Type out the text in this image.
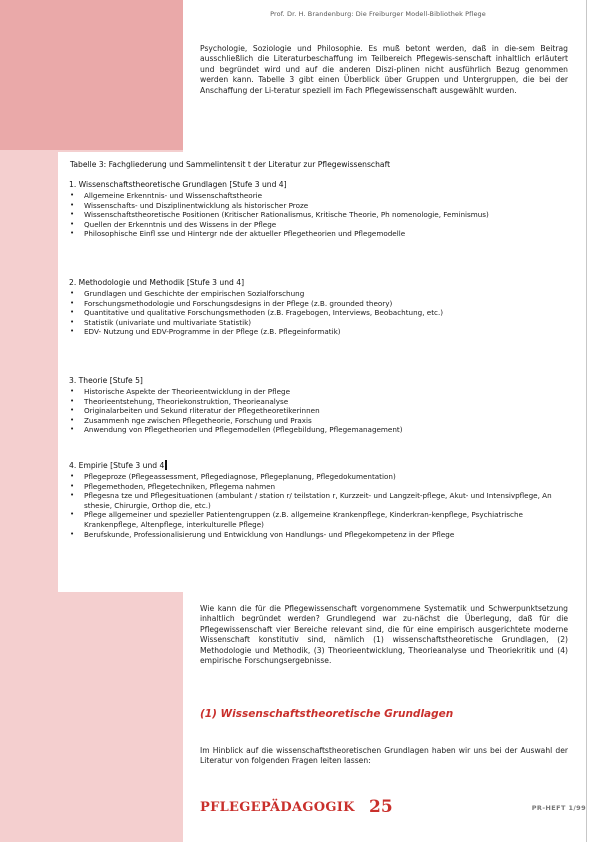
Prof. Dr. H. Brandenburg: Die Freiburger Modell-Bibliothek Pflege
Psychologie, Soziologie und Philosophie. Es muß betont werden, daß in die-sem Beitrag ausschließlich die Literaturbeschaffung im Teilbereich Pflegewis-senschaft inhaltlich erläutert und begründet wird und auf die anderen Diszi-plinen nicht ausführlich Bezug genommen werden kann. Tabelle 3 gibt einen Überblick über Gruppen und Untergruppen, die bei der Anschaffung der Li-teratur speziell im Fach Pflegewissenschaft ausgewählt wurden.
Tabelle 3: Fachgliederung und Sammelintensit t der Literatur zur Pflegewissenschaft
1. Wissenschaftstheoretische Grundlagen [Stufe 3 und 4]
• Allgemeine Erkenntnis- und Wissenschaftstheorie
• Wissenschafts- und Disziplinentwicklung als historischer Proze
• Wissenschaftstheoretische Positionen (Kritischer Rationalismus, Kritische Theorie, Ph nomenologie, Feminismus)
• Quellen der Erkenntnis und des Wissens in der Pflege
• Philosophische Einfl sse und Hintergr nde der aktueller Pflegetheorien und Pflegemodelle
2. Methodologie und Methodik [Stufe 3 und 4]
• Grundlagen und Geschichte der empirischen Sozialforschung
• Forschungsmethodologie und Forschungsdesigns in der Pflege (z.B. grounded theory)
• Quantitative und qualitative Forschungsmethoden (z.B. Fragebogen, Interviews, Beobachtung, etc.)
• Statistik (univariate und multivariate Statistik)
• EDV- Nutzung und EDV-Programme in der Pflege (z.B. Pflegeinformatik)
3. Theorie [Stufe 5]
• Historische Aspekte der Theorieentwicklung in der Pflege
• Theorieentstehung, Theoriekonstruktion, Theorieanalyse
• Originalarbeiten und Sekund rliteratur der Pflegetheoretikerinnen
• Zusammenh nge zwischen Pflegetheorie, Forschung und Praxis
• Anwendung von Pflegetheorien und Pflegemodellen (Pflegebildung, Pflegemanagement)
4. Empirie [Stufe 3 und 4
• Pflegeproze (Pflegeassessment, Pflegediagnose, Pflegeplanung, Pflegedokumentation)
• Pflegemethoden, Pflegetechniken, Pflegema nahmen
• Pflegesna tze und Pflegesituationen (ambulant / station r/ teilstation r, Kurzzeit- und Langzeit-pflege, Akut- und Intensivpflege, An sthesie, Chirurgie, Orthop die, etc.)
• Pflege allgemeiner und spezieller Patientengruppen (z.B. allgemeine Krankenpflege, Kinderkran-kenpflege, Psychiatrische Krankenpflege, Altenpflege, interkulturelle Pflege)
• Berufskunde, Professionalisierung und Entwicklung von Handlungs- und Pflegekompetenz in der Pflege
Wie kann die für die Pflegewissenschaft vorgenommene Systematik und Schwerpunktsetzung inhaltlich begründet werden? Grundlegend war zu-nächst die Überlegung, daß für die Pflegewissenschaft vier Bereiche relevant sind, die für eine empirisch ausgerichtete moderne Wissenschaft konstitutiv sind, nämlich (1) wissenschaftstheoretische Grundlagen, (2) Methodologie und Methodik, (3) Theorieentwicklung, Theorieanalyse und Theoriekritik und (4) empirische Forschungsergebnisse.
(1) Wissenschaftstheoretische Grundlagen
Im Hinblick auf die wissenschaftstheoretischen Grundlagen haben wir uns bei der Auswahl der Literatur von folgenden Fragen leiten lassen:
PFLEGEPÄDAGOGIK 25	PR-HEFT 1/99
